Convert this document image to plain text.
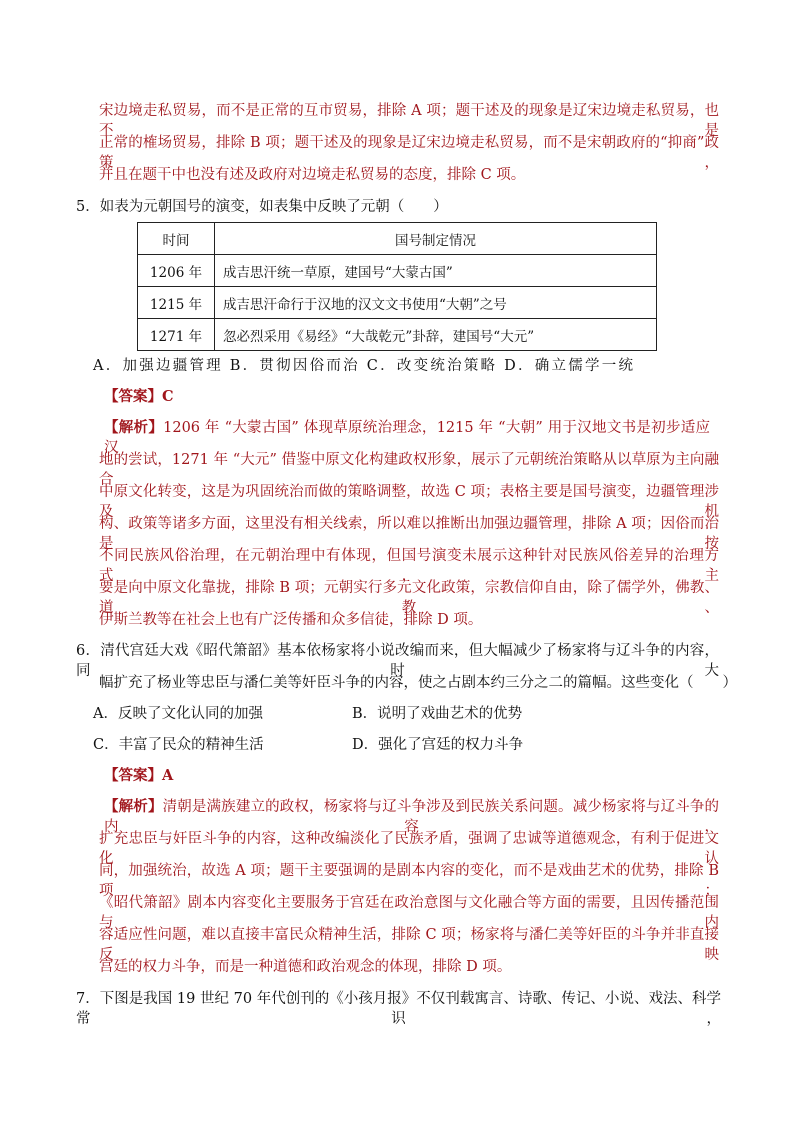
宋边境走私贸易，而不是正常的互市贸易，排除 A 项；题干述及的现象是辽宋边境走私贸易，也不是
正常的榷场贸易，排除 B 项；题干述及的现象是辽宋边境走私贸易，而不是宋朝政府的“抑商”政策，
并且在题干中也没有述及政府对边境走私贸易的态度，排除 C 项。
5．如表为元朝国号的演变，如表集中反映了元朝（　　）
时间	国号制定情况
1206 年	成吉思汗统一草原，建国号“大蒙古国”
1215 年	成吉思汗命行于汉地的汉文文书使用“大朝”之号
1271 年	忽必烈采用《易经》“大哉乾元”卦辞，建国号“大元”
A．加强边疆管理 B．贯彻因俗而治 C．改变统治策略 D．确立儒学一统
【答案】C
【解析】1206 年 “大蒙古国” 体现草原统治理念，1215 年 “大朝” 用于汉地文书是初步适应汉
地的尝试，1271 年 “大元” 借鉴中原文化构建政权形象，展示了元朝统治策略从以草原为主向融合
中原文化转变，这是为巩固统治而做的策略调整，故选 C 项；表格主要是国号演变，边疆管理涉及机
构、政策等诸多方面，这里没有相关线索，所以难以推断出加强边疆管理，排除 A 项；因俗而治是按
不同民族风俗治理，在元朝治理中有体现，但国号演变未展示这种针对民族风俗差异的治理方式，主
要是向中原文化靠拢，排除 B 项；元朝实行多元文化政策，宗教信仰自由，除了儒学外，佛教、道教、
伊斯兰教等在社会上也有广泛传播和众多信徒，排除 D 项。
6．清代宫廷大戏《昭代箫韶》基本依杨家将小说改编而来，但大幅减少了杨家将与辽斗争的内容，同时大
幅扩充了杨业等忠臣与潘仁美等奸臣斗争的内容，使之占剧本约三分之二的篇幅。这些变化（　　）
A．反映了文化认同的加强	B．说明了戏曲艺术的优势
C．丰富了民众的精神生活	D．强化了宫廷的权力斗争
【答案】A
【解析】清朝是满族建立的政权，杨家将与辽斗争涉及到民族关系问题。减少杨家将与辽斗争的内容，
扩充忠臣与奸臣斗争的内容，这种改编淡化了民族矛盾，强调了忠诚等道德观念，有利于促进文化认
同，加强统治，故选 A 项；题干主要强调的是剧本内容的变化，而不是戏曲艺术的优势，排除 B 项；
《昭代箫韶》剧本内容变化主要服务于宫廷在政治意图与文化融合等方面的需要，且因传播范围与内
容适应性问题，难以直接丰富民众精神生活，排除 C 项；杨家将与潘仁美等奸臣的斗争并非直接反映
宫廷的权力斗争，而是一种道德和政治观念的体现，排除 D 项。
7．下图是我国 19 世纪 70 年代创刊的《小孩月报》不仅刊载寓言、诗歌、传记、小说、戏法、科学常识，
